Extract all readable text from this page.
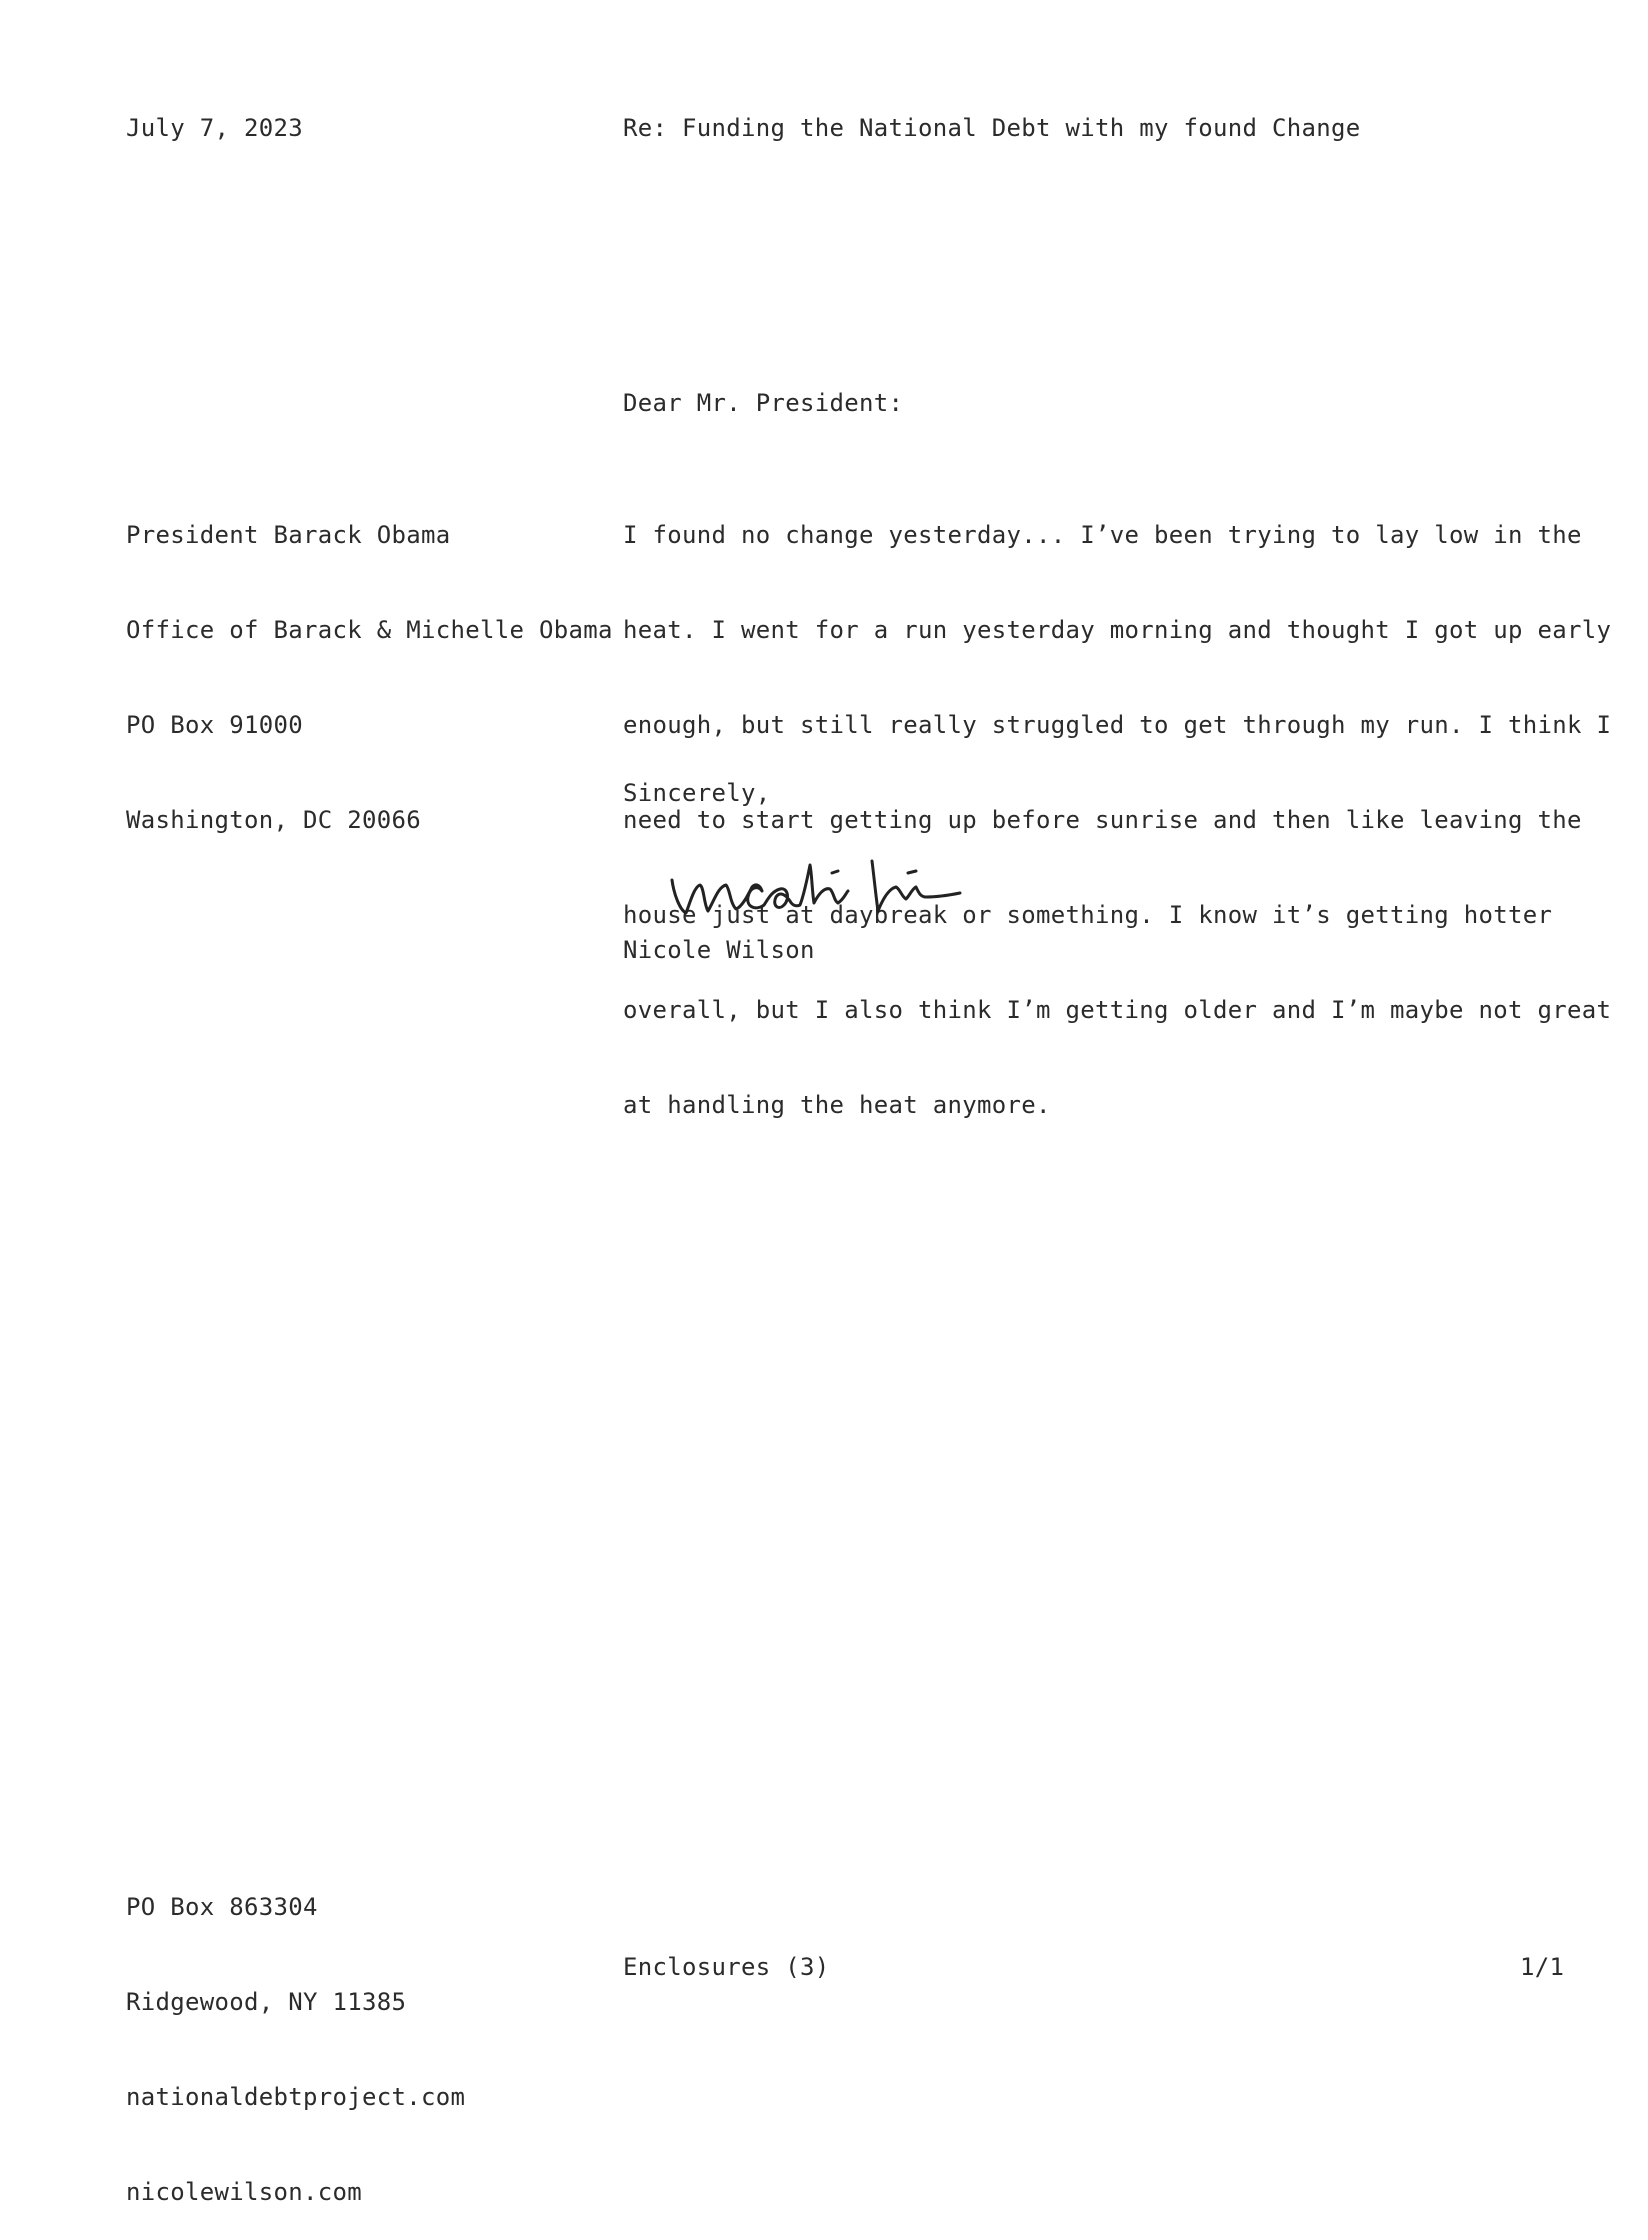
July 7, 2023	Re: Funding the National Debt with my found Change
Dear Mr. President:

President Barack Obama

Office of Barack & Michelle Obama

PO Box 91000

Washington, DC 20066

I found no change yesterday... I’ve been trying to lay low in the

heat. I went for a run yesterday morning and thought I got up early

enough, but still really struggled to get through my run. I think I

need to start getting up before sunrise and then like leaving the

house just at daybreak or something. I know it’s getting hotter

overall, but I also think I’m getting older and I’m maybe not great

at handling the heat anymore.

Sincerely,
Nicole Wilson

PO Box 863304

Ridgewood, NY 11385

nationaldebtproject.com

nicolewilson.com

Enclosures (3)	1/1
